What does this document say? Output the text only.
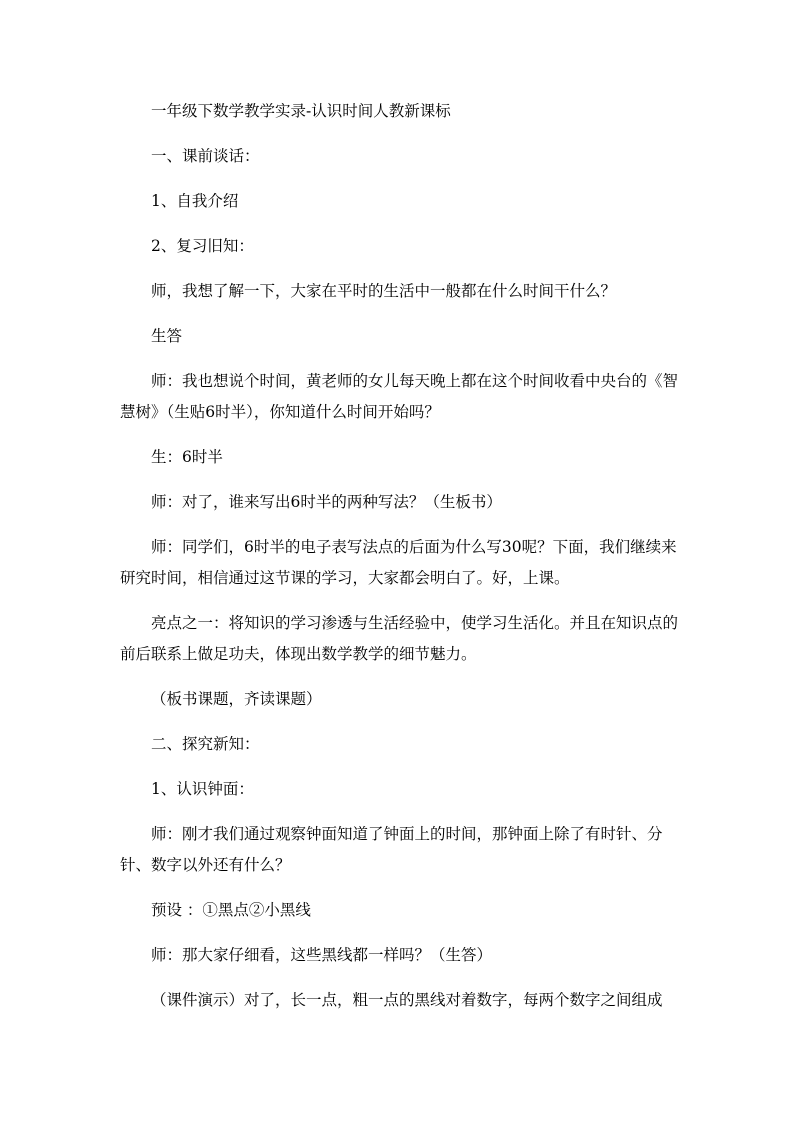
一年级下数学教学实录-认识时间人教新课标

一、课前谈话：

1、自我介绍

2、复习旧知：

师，我想了解一下，大家在平时的生活中一般都在什么时间干什么？

生答

师：我也想说个时间，黄老师的女儿每天晚上都在这个时间收看中央台的《智慧树》（生贴6时半），你知道什么时间开始吗？

生：6时半

师：对了，谁来写出6时半的两种写法？（生板书）

师：同学们，6时半的电子表写法点的后面为什么写30呢？下面，我们继续来研究时间，相信通过这节课的学习，大家都会明白了。好，上课。

亮点之一：将知识的学习渗透与生活经验中，使学习生活化。并且在知识点的前后联系上做足功夫，体现出数学教学的细节魅力。

（板书课题，齐读课题）

二、探究新知：

1、认识钟面：

师：刚才我们通过观察钟面知道了钟面上的时间，那钟面上除了有时针、分针、数字以外还有什么？

预设 ：①黑点②小黑线

师：那大家仔细看，这些黑线都一样吗？（生答）

（课件演示）对了，长一点，粗一点的黑线对着数字，每两个数字之间组成
